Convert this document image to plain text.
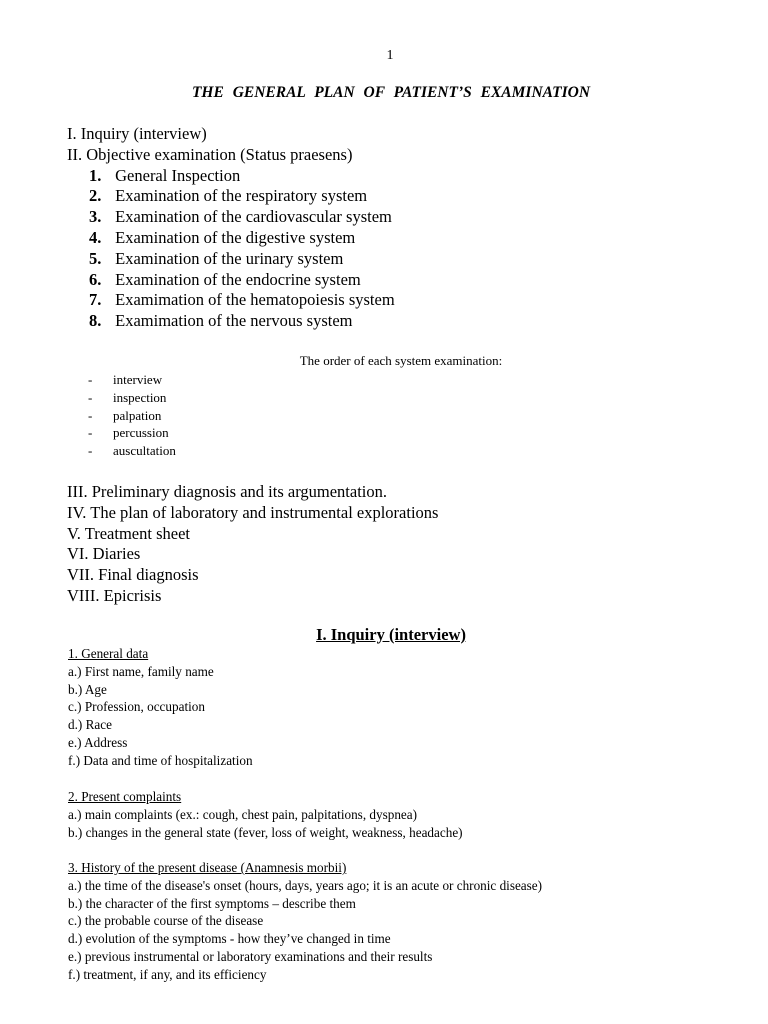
1
THE GENERAL PLAN OF PATIENT’S EXAMINATION
I. Inquiry (interview)
II. Objective examination (Status praesens)
1. General Inspection
2. Examination of the respiratory system
3. Examination of the cardiovascular system
4. Examination of the digestive system
5. Examination of the urinary system
6. Examination of the endocrine system
7. Examimation of the hematopoiesis system
8. Examimation of the nervous system
The order of each system examination:
- interview
- inspection
- palpation
- percussion
- auscultation
III. Preliminary diagnosis and its argumentation.
IV. The plan of laboratory and instrumental explorations
V. Treatment sheet
VI. Diaries
VII. Final diagnosis
VIII. Epicrisis
I. Inquiry (interview)
1. General data
a.) First name, family name
b.) Age
c.) Profession, occupation
d.) Race
e.) Address
f.) Data and time of hospitalization
2. Present complaints
a.) main complaints (ex.: cough, chest pain, palpitations, dyspnea)
b.) changes in the general state (fever, loss of weight, weakness, headache)
3. History of the present disease (Anamnesis morbii)
a.) the time of the disease's onset (hours, days, years ago; it is an acute or chronic disease)
b.) the character of the first symptoms – describe them
c.) the probable course of the disease
d.) evolution of the symptoms - how they’ve changed in time
e.) previous instrumental or laboratory examinations and their results
f.) treatment, if any, and its efficiency
